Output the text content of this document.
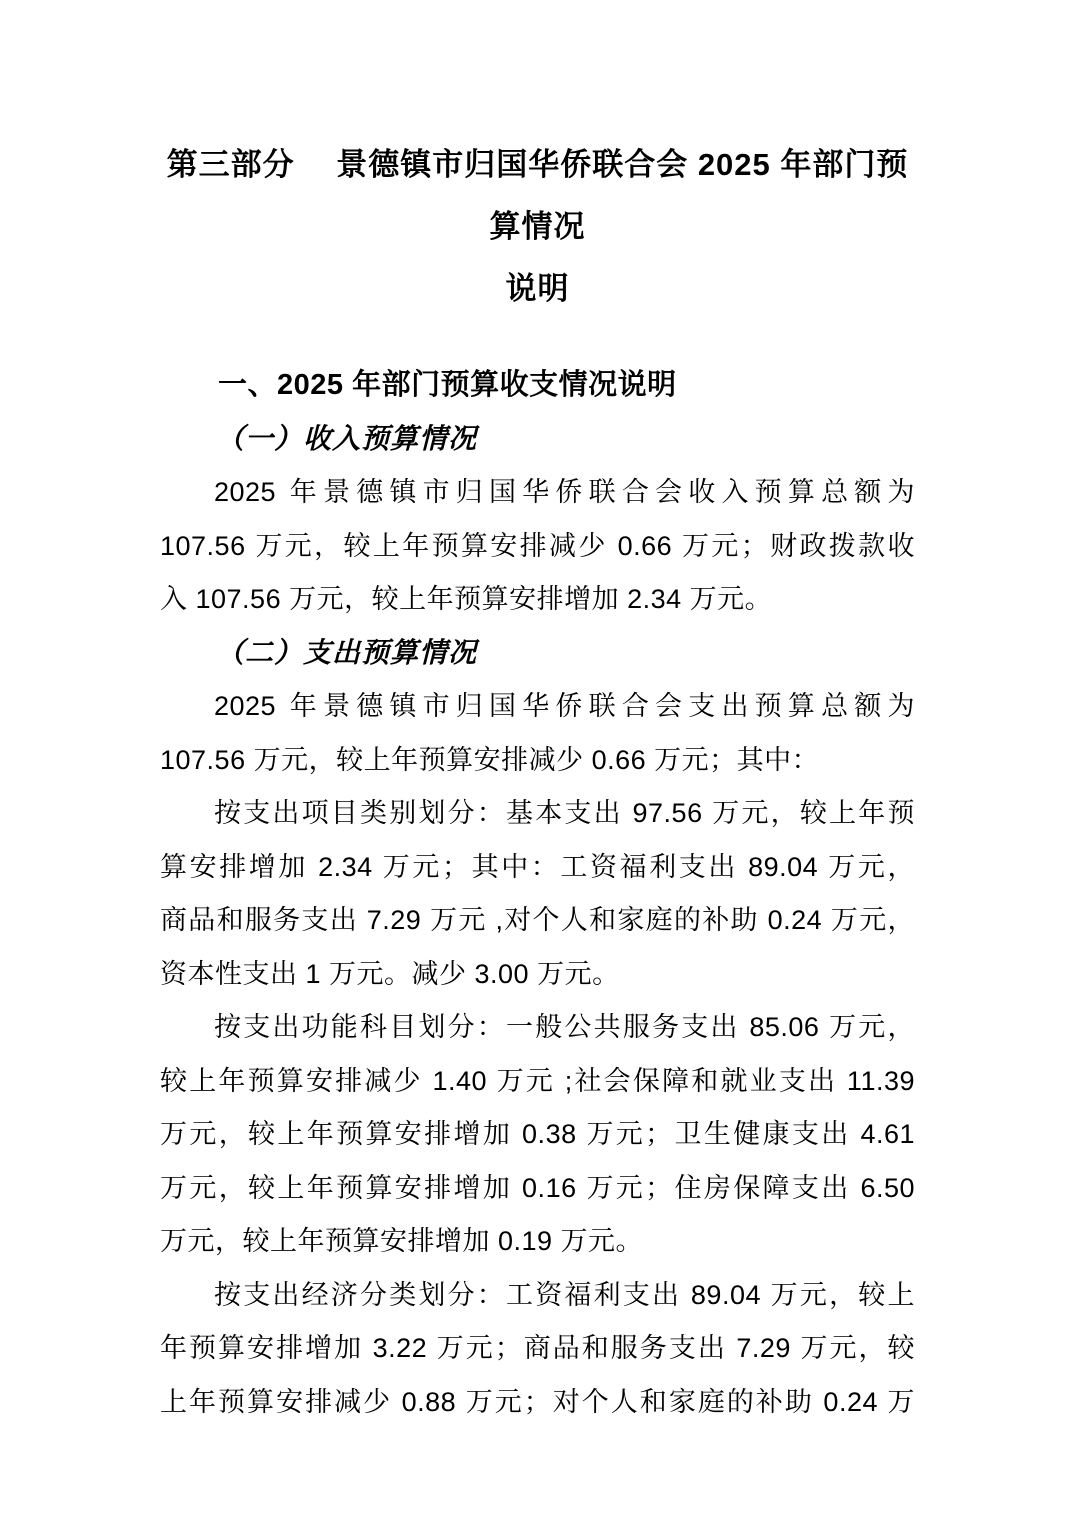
第三部分　 景德镇市归国华侨联合会 2025 年部门预算情况
说明
一、2025 年部门预算收支情况说明
（一）收入预算情况
2025 年景德镇市归国华侨联合会收入预算总额为
107.56 万元，较上年预算安排减少 0.66 万元；财政拨款收
入 107.56 万元，较上年预算安排增加 2.34 万元。
（二）支出预算情况
2025 年景德镇市归国华侨联合会支出预算总额为
107.56 万元，较上年预算安排减少 0.66 万元；其中：
按支出项目类别划分：基本支出 97.56 万元，较上年预
算安排增加 2.34 万元；其中：工资福利支出 89.04 万元，
商品和服务支出 7.29 万元 ,对个人和家庭的补助 0.24 万元，
资本性支出 1 万元。减少 3.00 万元。
按支出功能科目划分：一般公共服务支出 85.06 万元，
较上年预算安排减少 1.40 万元 ;社会保障和就业支出 11.39
万元，较上年预算安排增加 0.38 万元；卫生健康支出 4.61
万元，较上年预算安排增加 0.16 万元；住房保障支出 6.50
万元，较上年预算安排增加 0.19 万元。
按支出经济分类划分：工资福利支出 89.04 万元，较上
年预算安排增加 3.22 万元；商品和服务支出 7.29 万元，较
上年预算安排减少 0.88 万元；对个人和家庭的补助 0.24 万
